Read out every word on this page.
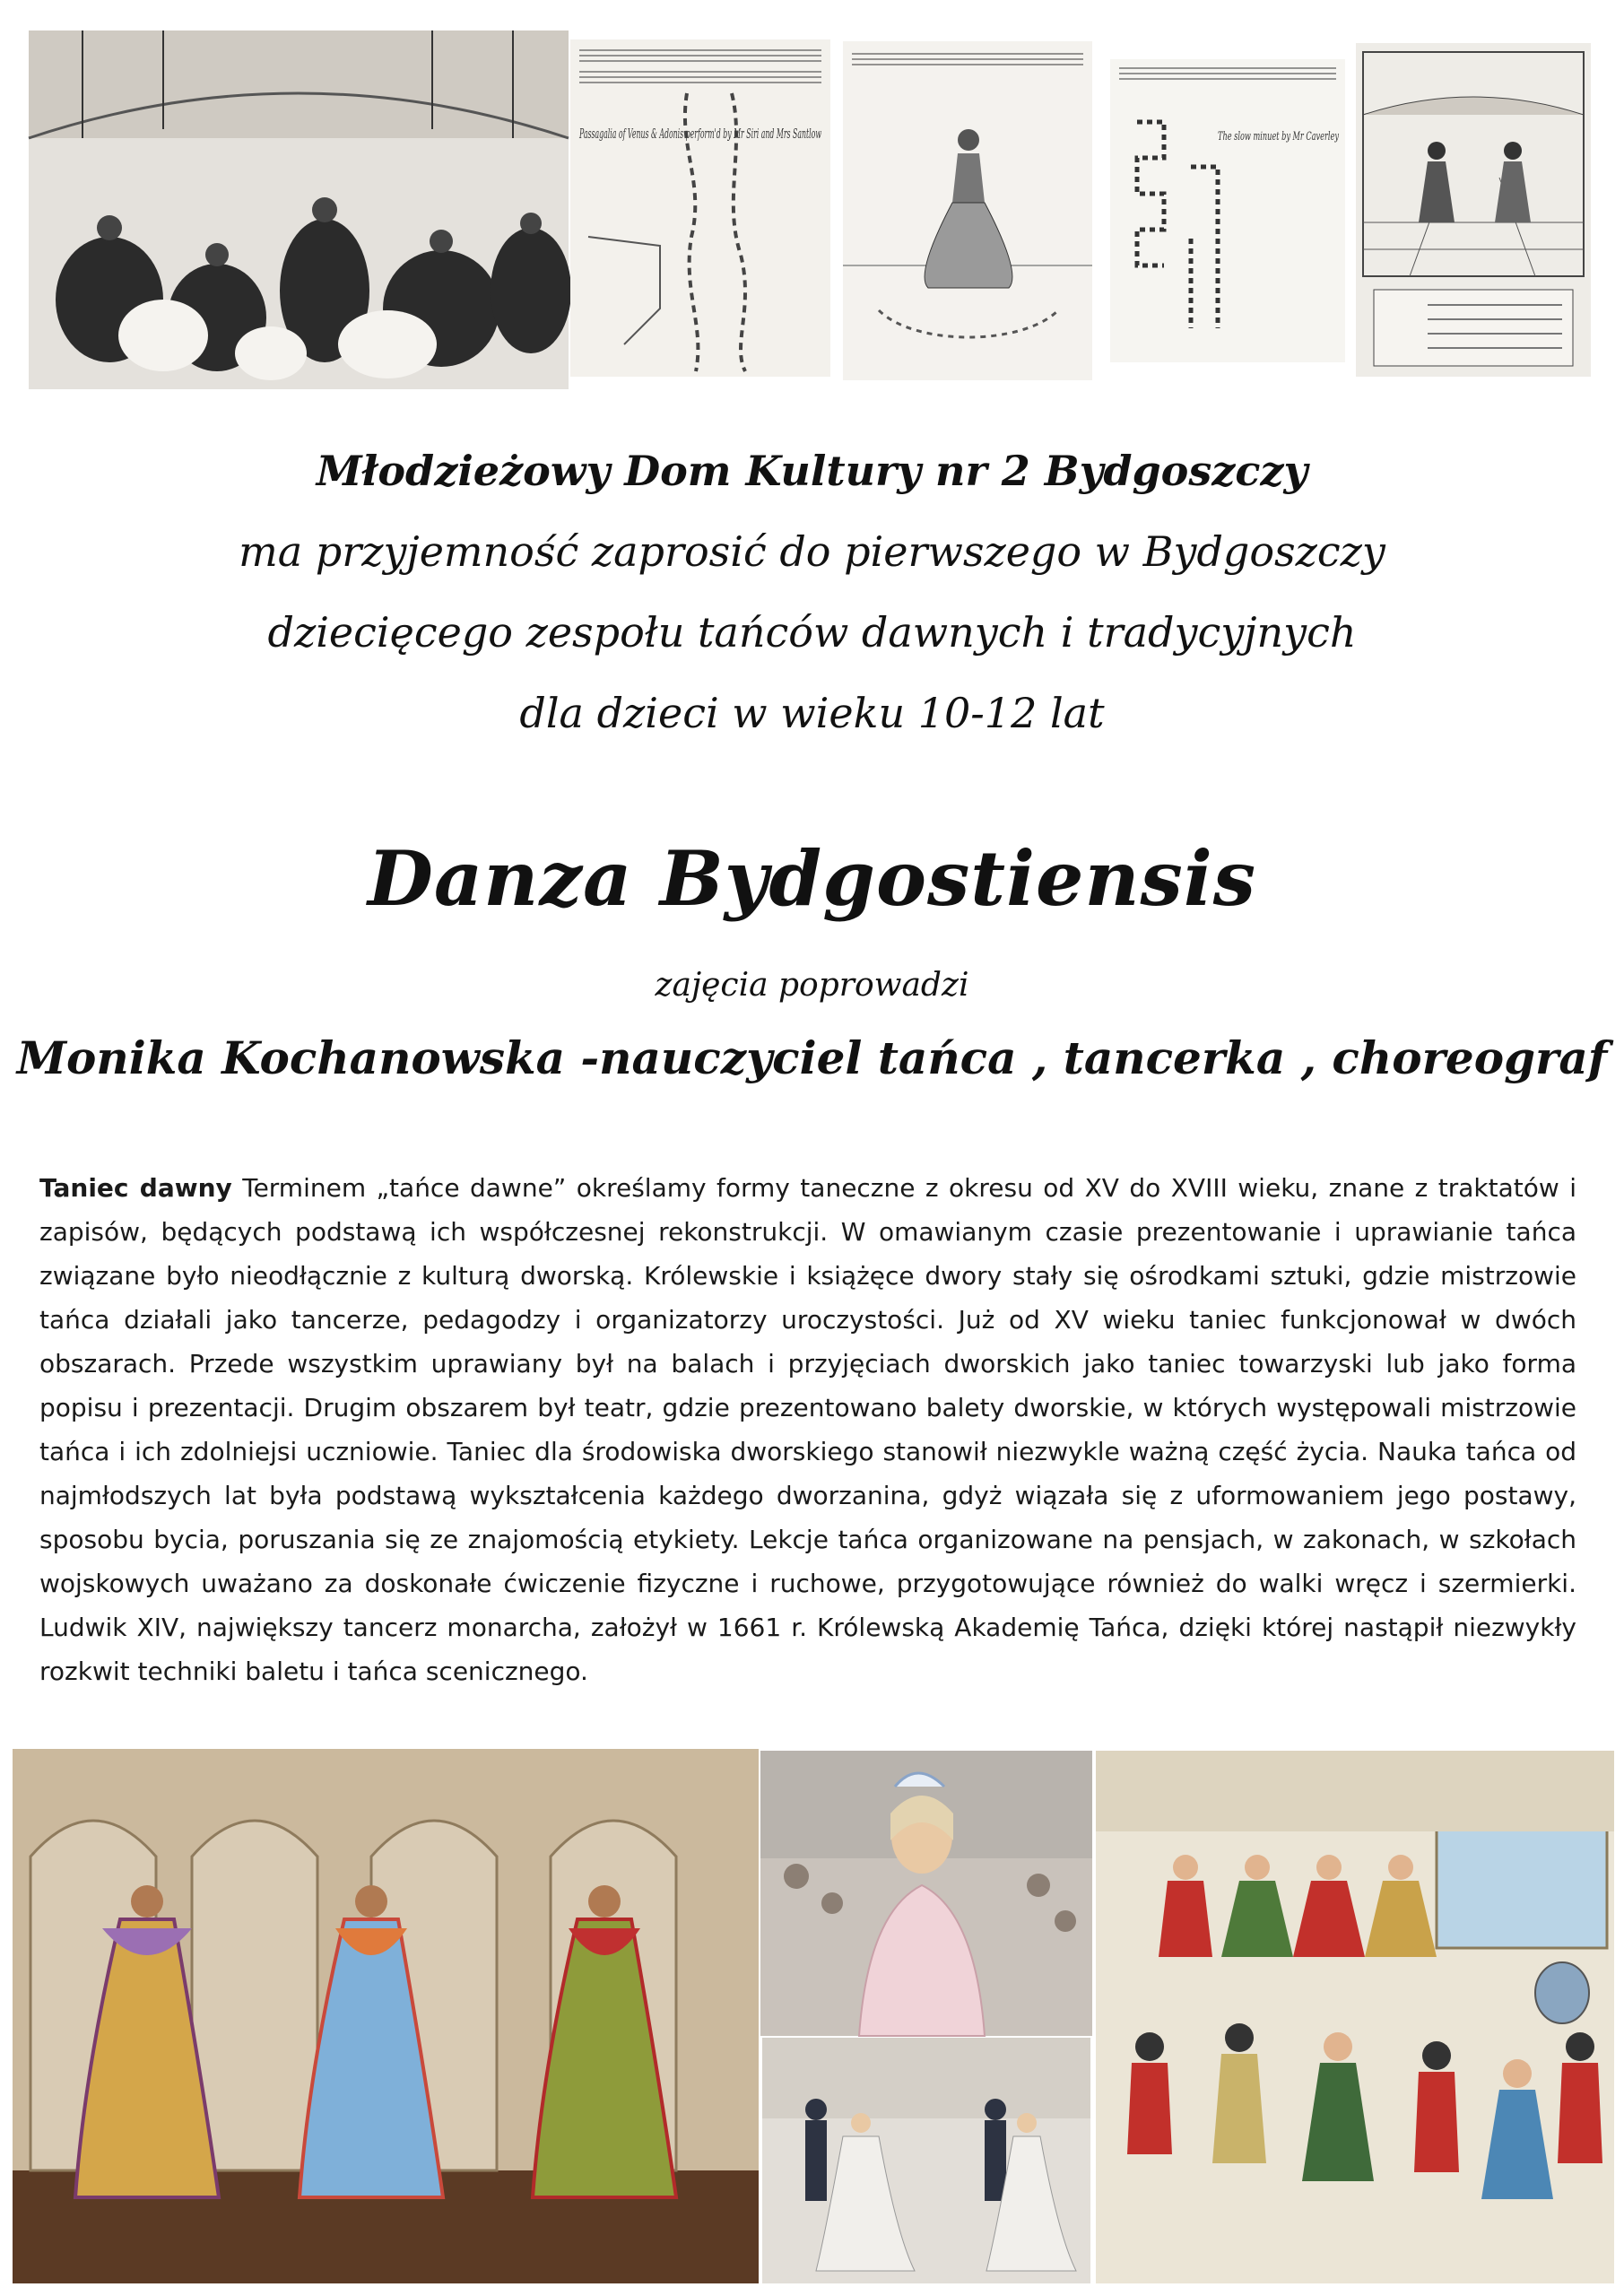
Passagalia of Venus & Adonis perform'd by Mr Siri and Mrs Santlow	The slow minuet by Mr Caverley
Młodzieżowy Dom Kultury nr 2 Bydgoszczy
ma przyjemność zaprosić do pierwszego w Bydgoszczy
dziecięcego zespołu tańców dawnych i tradycyjnych
dla dzieci w wieku 10-12 lat
Danza Bydgostiensis
zajęcia poprowadzi
Monika Kochanowska -nauczyciel tańca , tancerka , choreograf
Taniec dawny Terminem „tańce dawne” określamy formy taneczne z okresu od XV do XVIII wieku, znane z traktatów i zapisów, będących podstawą ich współczesnej rekonstrukcji. W omawianym czasie prezentowanie i uprawianie tańca związane było nieodłącznie z kulturą dworską. Królewskie i książęce dwory stały się ośrodkami sztuki, gdzie mistrzowie tańca działali jako tancerze, pedagodzy i organizatorzy uroczystości. Już od XV wieku taniec funkcjonował w dwóch obszarach. Przede wszystkim uprawiany był na balach i przyjęciach dworskich jako taniec towarzyski lub jako forma popisu i prezentacji. Drugim obszarem był teatr, gdzie prezentowano balety dworskie, w których występowali mistrzowie tańca i ich zdolniejsi uczniowie. Taniec dla środowiska dworskiego stanowił niezwykle ważną część życia. Nauka tańca od najmłodszych lat była podstawą wykształcenia każdego dworzanina, gdyż wiązała się z uformowaniem jego postawy, sposobu bycia, poruszania się ze znajomością etykiety. Lekcje tańca organizowane na pensjach, w zakonach, w szkołach wojskowych uważano za doskonałe ćwiczenie fizyczne i ruchowe, przygotowujące również do walki wręcz i szermierki. Ludwik XIV, największy tancerz monarcha, założył w 1661 r. Królewską Akademię Tańca, dzięki której nastąpił niezwykły rozkwit techniki baletu i tańca scenicznego.
